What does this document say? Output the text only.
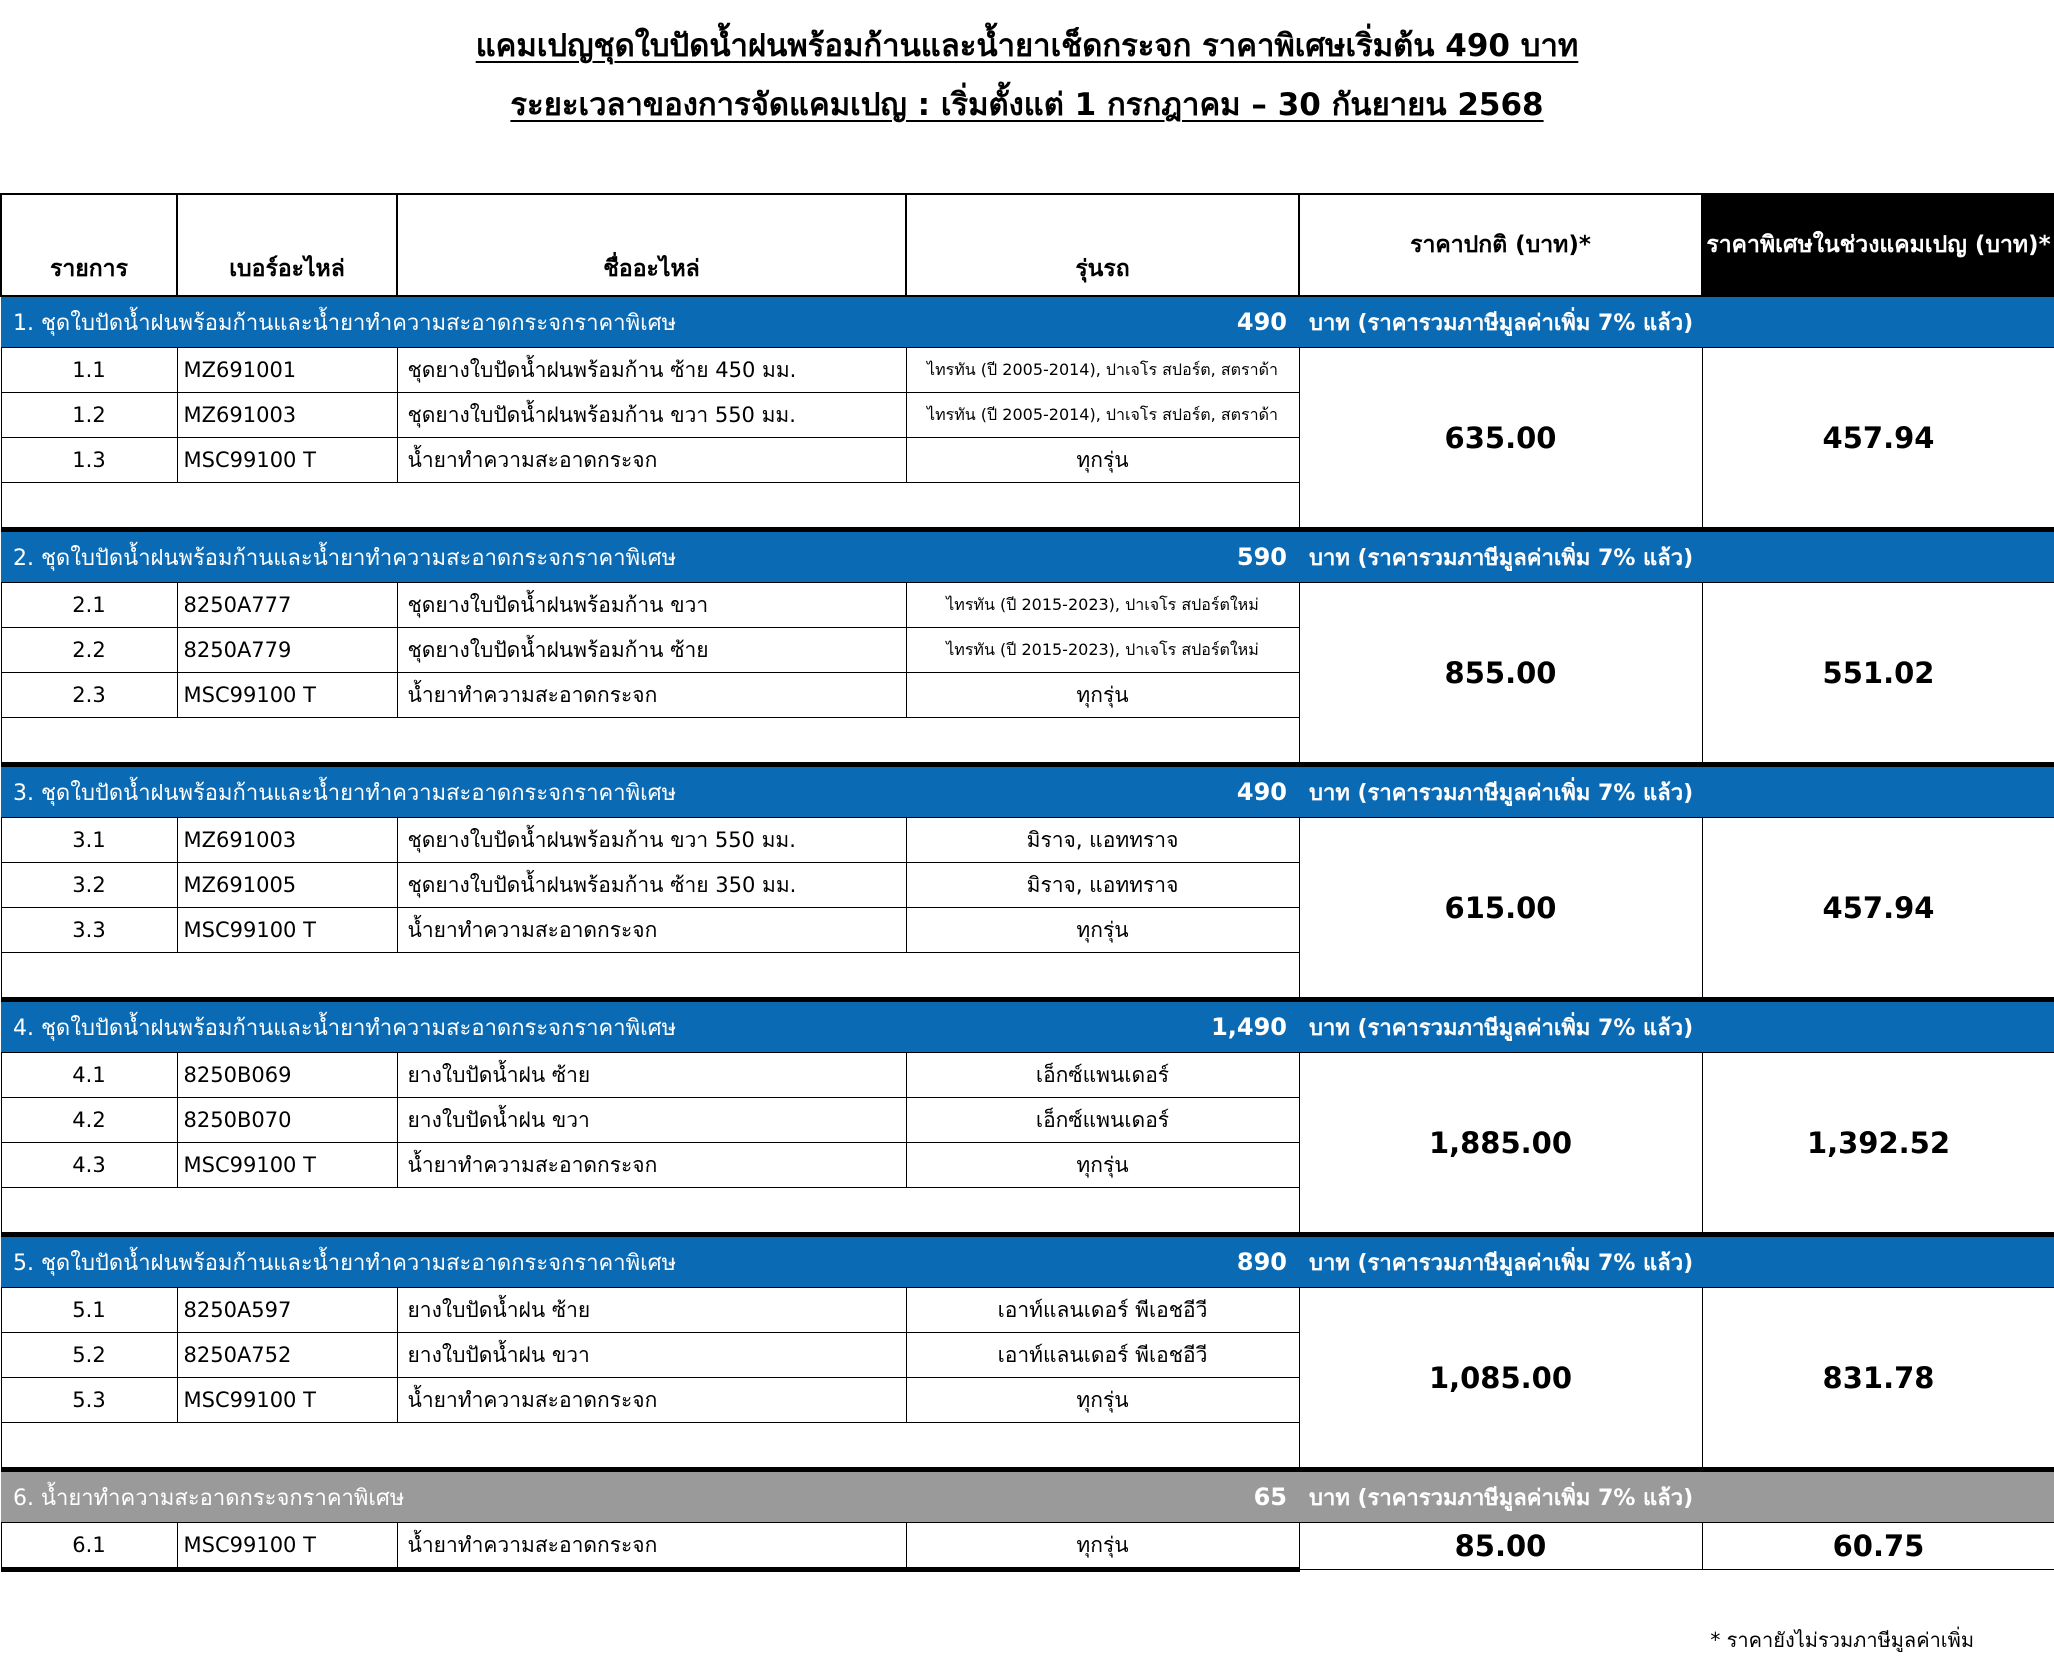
แคมเปญชุดใบปัดน้ำฝนพร้อมก้านและน้ำยาเช็ดกระจก ราคาพิเศษเริ่มต้น 490 บาท
ระยะเวลาของการจัดแคมเปญ : เริ่มตั้งแต่ 1 กรกฎาคม – 30 กันยายน 2568
รายการ	เบอร์อะไหล่	ชื่ออะไหล่	รุ่นรถ	ราคาปกติ (บาท)*	ราคาพิเศษในช่วงแคมเปญ (บาท)*

1. ชุดใบปัดน้ำฝนพร้อมก้านและน้ำยาทำความสะอาดกระจกราคาพิเศษ 490				บาท (ราคารวมภาษีมูลค่าเพิ่ม 7% แล้ว)	
1.1	MZ691001	ชุดยางใบปัดน้ำฝนพร้อมก้าน ซ้าย 450 มม.	ไทรทัน (ปี 2005-2014), ปาเจโร สปอร์ต, สตราด้า	635.00	457.94
1.2	MZ691003	ชุดยางใบปัดน้ำฝนพร้อมก้าน ขวา 550 มม.	ไทรทัน (ปี 2005-2014), ปาเจโร สปอร์ต, สตราด้า		
1.3	MSC99100 T	น้ำยาทำความสะอาดกระจก	ทุกรุ่น		

2. ชุดใบปัดน้ำฝนพร้อมก้านและน้ำยาทำความสะอาดกระจกราคาพิเศษ 590				บาท (ราคารวมภาษีมูลค่าเพิ่ม 7% แล้ว)	
2.1	8250A777	ชุดยางใบปัดน้ำฝนพร้อมก้าน ขวา	ไทรทัน (ปี 2015-2023), ปาเจโร สปอร์ตใหม่	855.00	551.02
2.2	8250A779	ชุดยางใบปัดน้ำฝนพร้อมก้าน ซ้าย	ไทรทัน (ปี 2015-2023), ปาเจโร สปอร์ตใหม่		
2.3	MSC99100 T	น้ำยาทำความสะอาดกระจก	ทุกรุ่น		

3. ชุดใบปัดน้ำฝนพร้อมก้านและน้ำยาทำความสะอาดกระจกราคาพิเศษ 490				บาท (ราคารวมภาษีมูลค่าเพิ่ม 7% แล้ว)	
3.1	MZ691003	ชุดยางใบปัดน้ำฝนพร้อมก้าน ขวา 550 มม.	มิราจ, แอททราจ	615.00	457.94
3.2	MZ691005	ชุดยางใบปัดน้ำฝนพร้อมก้าน ซ้าย 350 มม.	มิราจ, แอททราจ		
3.3	MSC99100 T	น้ำยาทำความสะอาดกระจก	ทุกรุ่น		

4. ชุดใบปัดน้ำฝนพร้อมก้านและน้ำยาทำความสะอาดกระจกราคาพิเศษ 1,490				บาท (ราคารวมภาษีมูลค่าเพิ่ม 7% แล้ว)	
4.1	8250B069	ยางใบปัดน้ำฝน ซ้าย	เอ็กซ์แพนเดอร์	1,885.00	1,392.52
4.2	8250B070	ยางใบปัดน้ำฝน ขวา	เอ็กซ์แพนเดอร์		
4.3	MSC99100 T	น้ำยาทำความสะอาดกระจก	ทุกรุ่น		

5. ชุดใบปัดน้ำฝนพร้อมก้านและน้ำยาทำความสะอาดกระจกราคาพิเศษ 890				บาท (ราคารวมภาษีมูลค่าเพิ่ม 7% แล้ว)	
5.1	8250A597	ยางใบปัดน้ำฝน ซ้าย	เอาท์แลนเดอร์ พีเอชอีวี	1,085.00	831.78
5.2	8250A752	ยางใบปัดน้ำฝน ขวา	เอาท์แลนเดอร์ พีเอชอีวี		
5.3	MSC99100 T	น้ำยาทำความสะอาดกระจก	ทุกรุ่น		

6. น้ำยาทำความสะอาดกระจกราคาพิเศษ 65				บาท (ราคารวมภาษีมูลค่าเพิ่ม 7% แล้ว)	
6.1	MSC99100 T	น้ำยาทำความสะอาดกระจก	ทุกรุ่น	85.00	60.75
* ราคายังไม่รวมภาษีมูลค่าเพิ่ม
